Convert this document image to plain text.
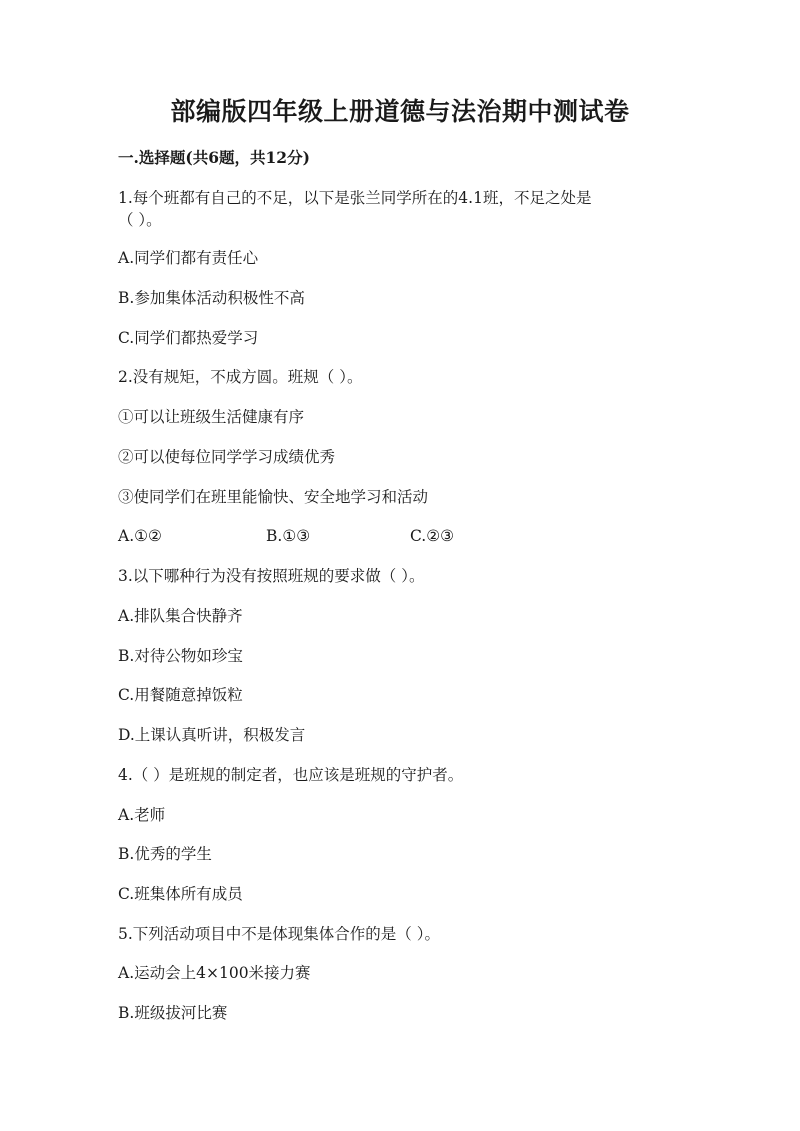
部编版四年级上册道德与法治期中测试卷
一.选择题(共6题，共12分)

1.每个班都有自己的不足，以下是张兰同学所在的4.1班，不足之处是

（ ）。

A.同学们都有责任心

B.参加集体活动积极性不高

C.同学们都热爱学习

2.没有规矩，不成方圆。班规（ ）。

①可以让班级生活健康有序

②可以使每位同学学习成绩优秀

③使同学们在班里能愉快、安全地学习和活动

A.①②	B.①③	C.②③

3.以下哪种行为没有按照班规的要求做（ ）。

A.排队集合快静齐

B.对待公物如珍宝

C.用餐随意掉饭粒

D.上课认真听讲，积极发言

4.（ ）是班规的制定者，也应该是班规的守护者。

A.老师

B.优秀的学生

C.班集体所有成员

5.下列活动项目中不是体现集体合作的是（ ）。

A.运动会上4×100米接力赛

B.班级拔河比赛
